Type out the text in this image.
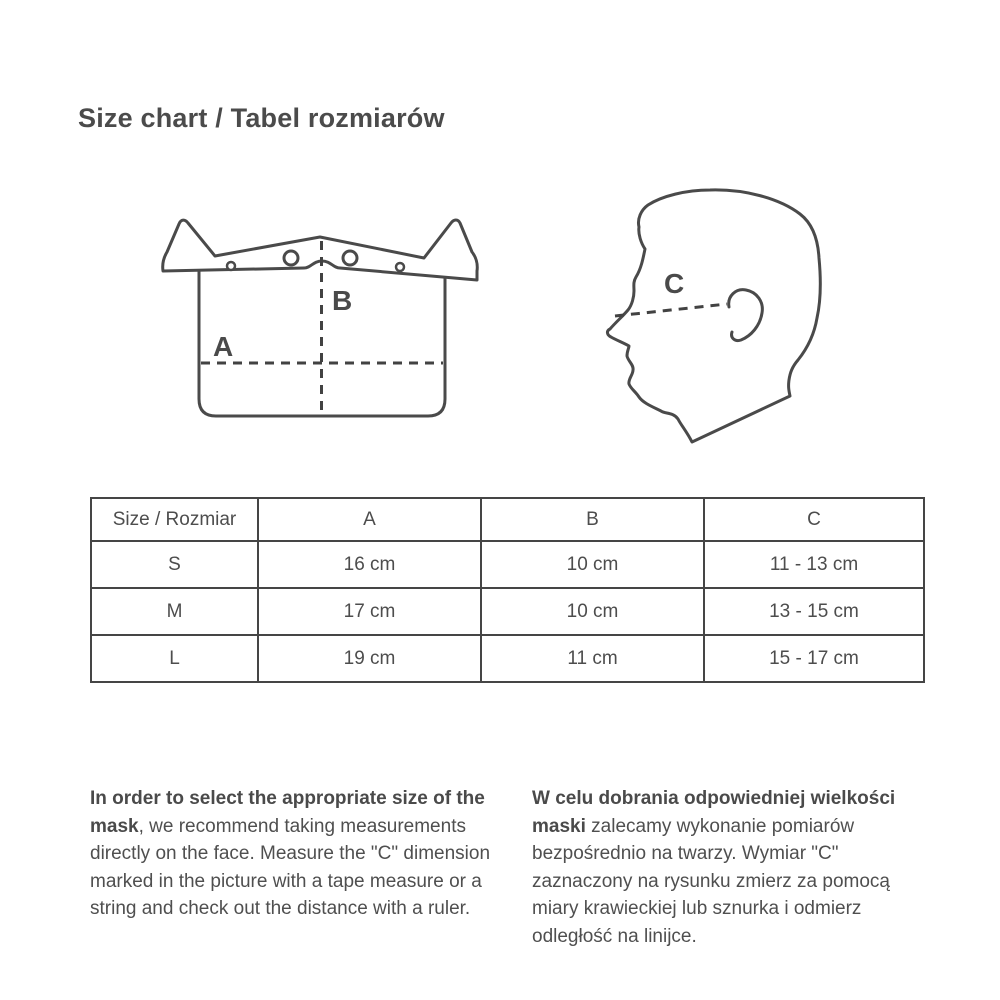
Size chart / Tabel rozmiarów
A
B
C
Size / Rozmiar	A	B	C
S	16 cm	10 cm	11 - 13 cm
M	17 cm	10 cm	13 - 15 cm
L	19 cm	11 cm	15 - 17 cm

In order to select the appropriate size of the mask, we recommend taking measurements directly on the face. Measure the "C" dimension marked in the picture with a tape measure or a string and check out the distance with a ruler.

W celu dobrania odpowiedniej wielkości maski zalecamy wykonanie pomiarów bezpośrednio na twarzy. Wymiar "C" zaznaczony na rysunku zmierz za pomocą miary krawieckiej lub sznurka i odmierz odległość na linijce.
